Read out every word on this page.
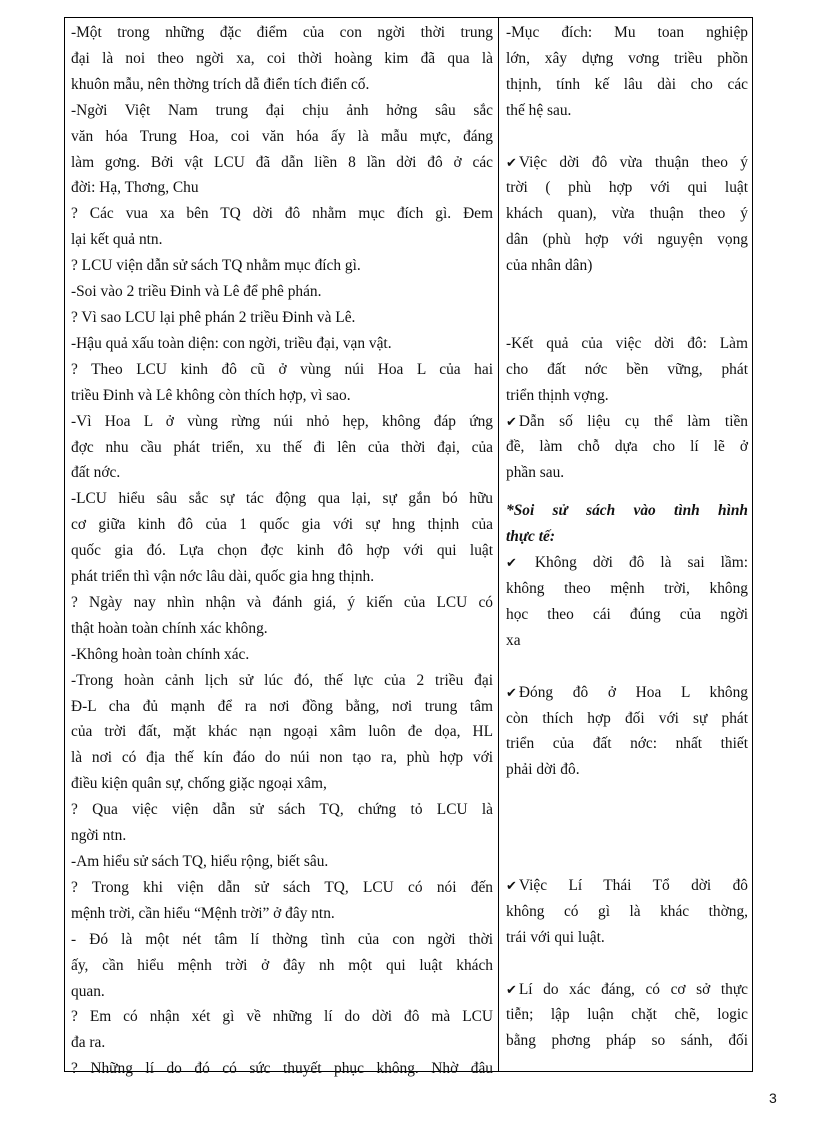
-Một trong những đặc điểm của con ngời thời trung
đại là noi theo ngời xa, coi thời hoàng kim đã qua là
khuôn mẫu, nên thờng trích dẫ điển tích điển cố.
-Ngời Việt Nam trung đại chịu ảnh hởng sâu sắc
văn hóa Trung Hoa, coi văn hóa ấy là mẫu mực, đáng
làm gơng. Bởi vật LCU đã dẫn liền 8 lần dời đô ở các
đời: Hạ, Thơng, Chu
? Các vua xa bên TQ dời đô nhằm mục đích gì. Đem
lại kết quả ntn.
? LCU viện dẫn sử sách TQ nhằm mục đích gì.
-Soi vào 2 triều Đinh và Lê để phê phán.
? Vì sao LCU lại phê phán 2 triều Đinh và Lê.
-Hậu quả xấu toàn diện: con ngời, triều đại, vạn vật.
? Theo LCU kinh đô cũ ở vùng núi Hoa L của hai
triều Đinh và Lê không còn thích hợp, vì sao.
-Vì Hoa L ở vùng rừng núi nhỏ hẹp, không đáp ứng
đợc nhu cầu phát triển, xu thế đi lên của thời đại, của
đất nớc.
-LCU hiểu sâu sắc sự tác động qua lại, sự gắn bó hữu
cơ giữa kinh đô của 1 quốc gia với sự hng thịnh của
quốc gia đó. Lựa chọn đợc kinh đô hợp với qui luật
phát triển thì vận nớc lâu dài, quốc gia hng thịnh.
? Ngày nay nhìn nhận và đánh giá, ý kiến của LCU có
thật hoàn toàn chính xác không.
-Không hoàn toàn chính xác.
-Trong hoàn cảnh lịch sử lúc đó, thế lực của 2 triều đại
Đ-L cha đủ mạnh để ra nơi đồng bằng, nơi trung tâm
của trời đất, mặt khác nạn ngoại xâm luôn đe dọa, HL
là nơi có địa thế kín đáo do núi non tạo ra, phù hợp với
điều kiện quân sự, chống giặc ngoại xâm,
? Qua việc viện dẫn sử sách TQ, chứng tỏ LCU là
ngời ntn.
-Am hiểu sử sách TQ, hiểu rộng, biết sâu.
? Trong khi viện dẫn sử sách TQ, LCU có nói đến
mệnh trời, cần hiểu “Mệnh trời” ở đây ntn.
- Đó là một nét tâm lí thờng tình của con ngời thời
ấy, cần hiểu mệnh trời ở đây nh một qui luật khách
quan.
? Em có nhận xét gì về những lí do dời đô mà LCU
đa ra.
? Những lí do đó có sức thuyết phục không. Nhờ đâu
-Mục đích: Mu toan nghiệp
lớn, xây dựng vơng triều phồn
thịnh, tính kế lâu dài cho các
thế hệ sau.
✔ Việc dời đô vừa thuận theo ý
trời ( phù hợp với qui luật
khách quan), vừa thuận theo ý
dân (phù hợp với nguyện vọng
của nhân dân)
-Kết quả của việc dời đô: Làm
cho đất nớc bền vững, phát
triển thịnh vợng.
✔ Dẫn số liệu cụ thể làm tiền
đề, làm chỗ dựa cho lí lẽ ở
phần sau.
*Soi sử sách vào tình hình
thực tế:
✔ Không dời đô là sai lầm:
không theo mệnh trời, không
học theo cái đúng của ngời
xa
✔ Đóng đô ở Hoa L không
còn thích hợp đối với sự phát
triển của đất nớc: nhất thiết
phải dời đô.
✔ Việc Lí Thái Tổ dời đô
không có gì là khác thờng,
trái với qui luật.
✔ Lí do xác đáng, có cơ sở thực
tiễn; lập luận chặt chẽ, logic
bằng phơng pháp so sánh, đối
3
